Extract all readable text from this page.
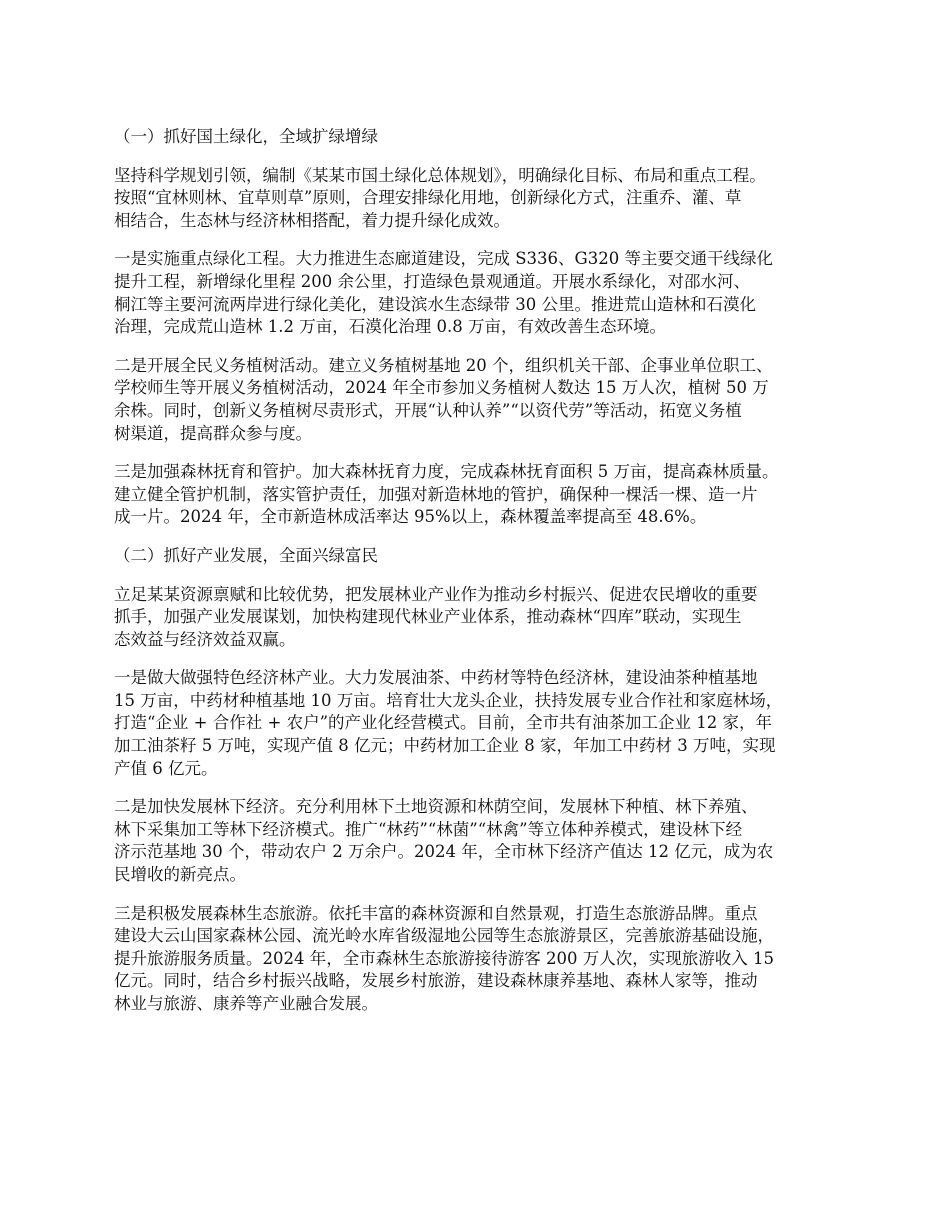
（一）抓好国土绿化，全域扩绿增绿
坚持科学规划引领，编制《某某市国土绿化总体规划》，明确绿化目标、布局和重点工程。
按照“宜林则林、宜草则草”原则，合理安排绿化用地，创新绿化方式，注重乔、灌、草
相结合，生态林与经济林相搭配，着力提升绿化成效。
一是实施重点绿化工程。大力推进生态廊道建设，完成 S336、G320 等主要交通干线绿化
提升工程，新增绿化里程 200 余公里，打造绿色景观通道。开展水系绿化，对邵水河、
桐江等主要河流两岸进行绿化美化，建设滨水生态绿带 30 公里。推进荒山造林和石漠化
治理，完成荒山造林 1.2 万亩，石漠化治理 0.8 万亩，有效改善生态环境。
二是开展全民义务植树活动。建立义务植树基地 20 个，组织机关干部、企事业单位职工、
学校师生等开展义务植树活动，2024 年全市参加义务植树人数达 15 万人次，植树 50 万
余株。同时，创新义务植树尽责形式，开展“认种认养”“以资代劳”等活动，拓宽义务植
树渠道，提高群众参与度。
三是加强森林抚育和管护。加大森林抚育力度，完成森林抚育面积 5 万亩，提高森林质量。
建立健全管护机制，落实管护责任，加强对新造林地的管护，确保种一棵活一棵、造一片
成一片。2024 年，全市新造林成活率达 95%以上，森林覆盖率提高至 48.6%。
（二）抓好产业发展，全面兴绿富民
立足某某资源禀赋和比较优势，把发展林业产业作为推动乡村振兴、促进农民增收的重要
抓手，加强产业发展谋划，加快构建现代林业产业体系，推动森林“四库”联动，实现生
态效益与经济效益双赢。
一是做大做强特色经济林产业。大力发展油茶、中药材等特色经济林，建设油茶种植基地
15 万亩，中药材种植基地 10 万亩。培育壮大龙头企业，扶持发展专业合作社和家庭林场，
打造“企业 + 合作社 + 农户”的产业化经营模式。目前，全市共有油茶加工企业 12 家，年
加工油茶籽 5 万吨，实现产值 8 亿元；中药材加工企业 8 家，年加工中药材 3 万吨，实现
产值 6 亿元。
二是加快发展林下经济。充分利用林下土地资源和林荫空间，发展林下种植、林下养殖、
林下采集加工等林下经济模式。推广“林药”“林菌”“林禽”等立体种养模式，建设林下经
济示范基地 30 个，带动农户 2 万余户。2024 年，全市林下经济产值达 12 亿元，成为农
民增收的新亮点。
三是积极发展森林生态旅游。依托丰富的森林资源和自然景观，打造生态旅游品牌。重点
建设大云山国家森林公园、流光岭水库省级湿地公园等生态旅游景区，完善旅游基础设施，
提升旅游服务质量。2024 年，全市森林生态旅游接待游客 200 万人次，实现旅游收入 15
亿元。同时，结合乡村振兴战略，发展乡村旅游，建设森林康养基地、森林人家等，推动
林业与旅游、康养等产业融合发展。
